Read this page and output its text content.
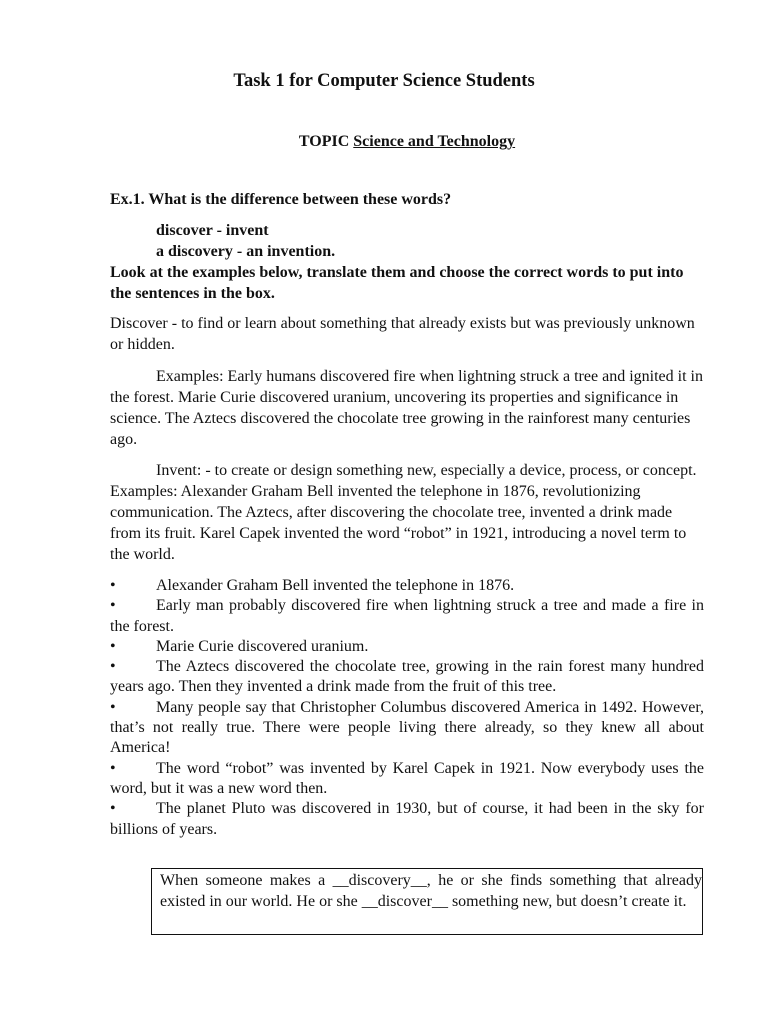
Task 1 for Computer Science Students
TOPIC Science and Technology
Ex.1. What is the difference between these words?
discover - invent
a discovery - an invention.
Look at the examples below, translate them and choose the correct words to put into the sentences in the box.
Discover - to find or learn about something that already exists but was previously unknown or hidden.
Examples: Early humans discovered fire when lightning struck a tree and ignited it in the forest. Marie Curie discovered uranium, uncovering its properties and significance in science. The Aztecs discovered the chocolate tree growing in the rainforest many centuries ago.
Invent: - to create or design something new, especially a device, process, or concept. Examples: Alexander Graham Bell invented the telephone in 1876, revolutionizing communication. The Aztecs, after discovering the chocolate tree, invented a drink made from its fruit. Karel Capek invented the word “robot” in 1921, introducing a novel term to the world.
•	Alexander Graham Bell invented the telephone in 1876.
•	Early man probably discovered fire when lightning struck a tree and made a fire in the forest.
•	Marie Curie discovered uranium.
•	The Aztecs discovered the chocolate tree, growing in the rain forest many hundred years ago. Then they invented a drink made from the fruit of this tree.
•	Many people say that Christopher Columbus discovered America in 1492. However, that’s not really true. There were people living there already, so they knew all about America!
•	The word “robot” was invented by Karel Capek in 1921. Now everybody uses the word, but it was a new word then.
•	The planet Pluto was discovered in 1930, but of course, it had been in the sky for billions of years.
When someone makes a __discovery__, he or she finds something that already existed in our world. He or she __discover__ something new, but doesn’t create it.
